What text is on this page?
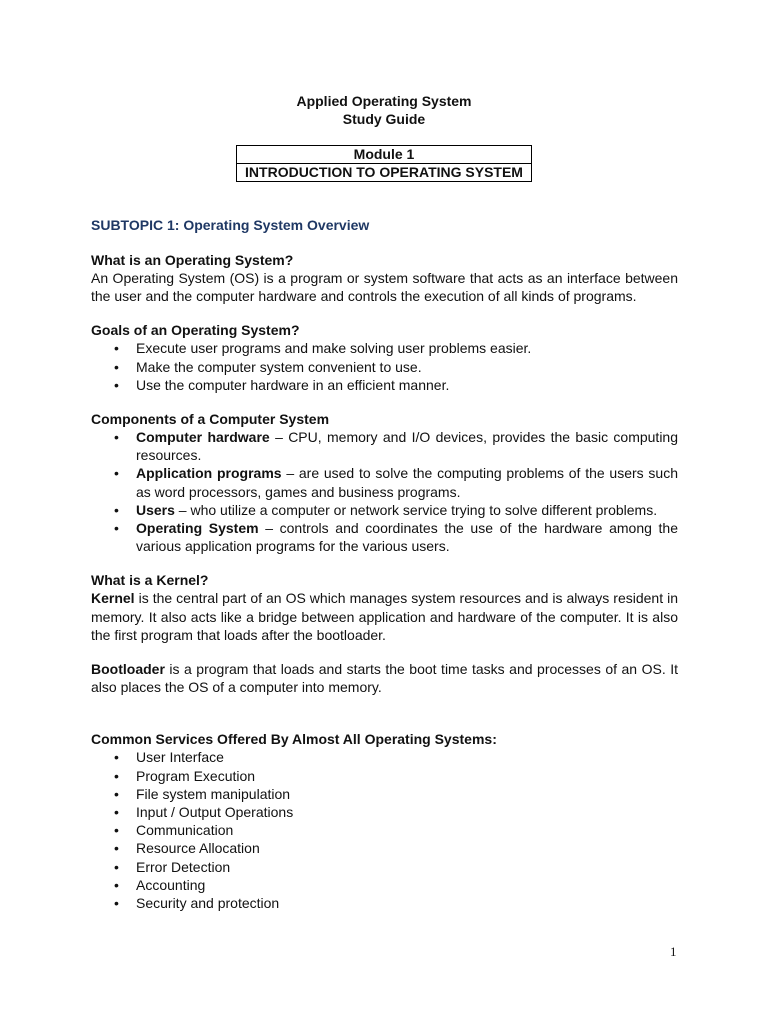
Applied Operating System
Study Guide
Module 1
INTRODUCTION TO OPERATING SYSTEM
SUBTOPIC 1: Operating System Overview
What is an Operating System?

An Operating System (OS) is a program or system software that acts as an interface between the user and the computer hardware and controls the execution of all kinds of programs.

Goals of an Operating System?
• Execute user programs and make solving user problems easier.
• Make the computer system convenient to use.
• Use the computer hardware in an efficient manner.
Components of a Computer System
• Computer hardware – CPU, memory and I/O devices, provides the basic computing resources.
• Application programs – are used to solve the computing problems of the users such as word processors, games and business programs.
• Users – who utilize a computer or network service trying to solve different problems.
• Operating System – controls and coordinates the use of the hardware among the various application programs for the various users.
What is a Kernel?

Kernel is the central part of an OS which manages system resources and is always resident in memory. It also acts like a bridge between application and hardware of the computer. It is also the first program that loads after the bootloader.

Bootloader is a program that loads and starts the boot time tasks and processes of an OS. It also places the OS of a computer into memory.

Common Services Offered By Almost All Operating Systems:
• User Interface
• Program Execution
• File system manipulation
• Input / Output Operations
• Communication
• Resource Allocation
• Error Detection
• Accounting
• Security and protection
1
